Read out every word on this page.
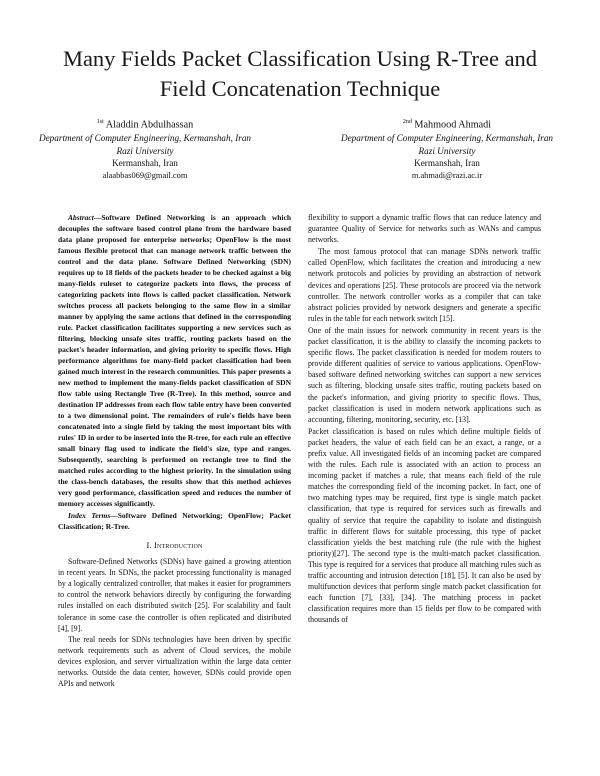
Many Fields Packet Classification Using R-Tree and
Field Concatenation Technique
$^{1st}$ Aladdin Abdulhassan
Department of Computer Engineering, Kermanshah, Iran
Razi University
Kermanshah, Iran
alaabbas069@gmail.com
$^{2nd}$ Mahmood Ahmadi
Department of Computer Engineering, Kermanshah, Iran
Razi University
Kermanshah, Iran
m.ahmadi@razi.ac.ir

Abstract—Software Defined Networking is an approach which decouples the software based control plane from the hardware based data plane proposed for enterprise networks; OpenFlow is the most famous flexible protocol that can manage network traffic between the control and the data plane. Software Defined Networking (SDN) requires up to 18 fields of the packets header to be checked against a big many-fields ruleset to categorize packets into flows, the process of categorizing packets into flows is called packet classification. Network switches process all packets belonging to the same flow in a similar manner by applying the same actions that defined in the corresponding rule. Packet classification facilitates supporting a new services such as filtering, blocking unsafe sites traffic, routing packets based on the packet's header information, and giving priority to specific flows. High performance algorithms for many-field packet classification had been gained much interest in the research communities. This paper presents a new method to implement the many-fields packet classification of SDN flow table using Rectangle Tree (R-Tree). In this method, source and destination IP addresses from each flow table entry have been converted to a two dimensional point. The remainders of rule's fields have been concatenated into a single field by taking the most important bits with rules' ID in order to be inserted into the R-tree, for each rule an effective small binary flag used to indicate the field's size, type and ranges. Subsequently, searching is performed on rectangle tree to find the matched rules according to the highest priority. In the simulation using the class-bench databases, the results show that this method achieves very good performance, classification speed and reduces the number of memory accesses significantly.

Index Terms—Software Defined Networking; OpenFlow; Packet Classification; R-Tree.

I. Introduction

Software-Defined Networks (SDNs) have gained a growing attention in recent years. In SDNs, the packet processing functionality is managed by a logically centralized controller, that makes it easier for programmers to control the network behaviors directly by configuring the forwarding rules installed on each distributed switch [25]. For scalability and fault tolerance in some case the controller is often replicated and distributed [4], [9].

The real needs for SDNs technologies have been driven by specific network requirements such as advent of Cloud services, the mobile devices explosion, and server virtualization within the large data center networks. Outside the data center, however, SDNs could provide open APIs and network

flexibility to support a dynamic traffic flows that can reduce latency and guarantee Quality of Service for networks such as WANs and campus networks.

The most famous protocol that can manage SDNs network traffic called OpenFlow, which facilitates the creation and introducing a new network protocols and policies by providing an abstraction of network devices and operations [25]. These protocols are proceed via the network controller. The network controller works as a compiler that can take abstract policies provided by network designers and generate a specific rules in the table for each network switch [15].

One of the main issues for network community in recent years is the packet classification, it is the ability to classify the incoming packets to specific flows. The packet classification is needed for modern routers to provide different qualities of service to various applications. OpenFlow-based software defined networking switches can support a new services such as filtering, blocking unsafe sites traffic, routing packets based on the packet's information, and giving priority to specific flows. Thus, packet classification is used in modern network applications such as accounting, filtering, monitoring, security, etc. [13].

Packet classification is based on rules which define multiple fields of packet headers, the value of each field can be an exact, a range, or a prefix value. All investigated fields of an incoming packet are compared with the rules. Each rule is associated with an action to process an incoming packet if matches a rule, that means each field of the rule matches the corresponding field of the incoming packet. In fact, one of two matching types may be required, first type is single match packet classification, that type is required for services such as firewalls and quality of service that require the capability to isolate and distinguish traffic in different flows for suitable processing, this type of packet classification yields the best matching rule (the rule with the highest priority)[27]. The second type is the multi-match packet classification. This type is required for a services that produce all matching rules such as traffic accounting and intrusion detection [18], [5]. It can also be used by multifunction devices that perform single match packet classification for each function [7], [33], [34]. The matching process in packet classification requires more than 15 fields per flow to be compared with thousands of
